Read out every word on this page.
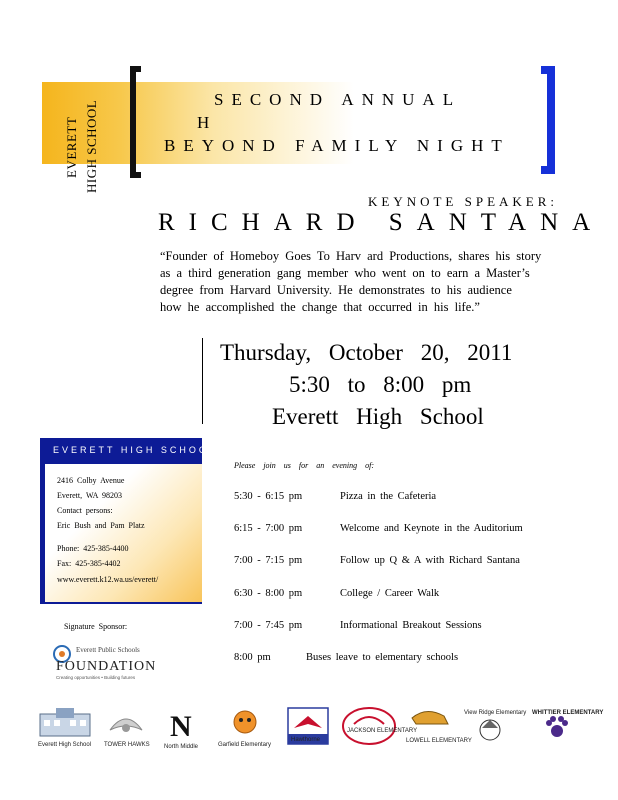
EVERETT HIGH SCHOOL
SECOND ANNUAL
H
BEYOND FAMILY NIGHT
KEYNOTE SPEAKER:
RICHARD SANTANA
“Founder of Homeboy Goes To Harv ard Productions, shares his story
as a third generation gang member who went on to earn a Master’s
degree from Harvard University. He demonstrates to his audience
how he accomplished the change that occurred in his life.”
Thursday, October 20, 2011
5:30 to 8:00 pm
Everett High School
EVERETT HIGH SCHOOL
2416 Colby Avenue
Everett, WA 98203
Contact persons:
Eric Bush and Pam Platz
Phone: 425-385-4400
Fax: 425-385-4402
www.everett.k12.wa.us/everett/
Please join us for an evening of:
5:30 - 6:15 pm	Pizza in the Cafeteria
6:15 - 7:00 pm	Welcome and Keynote in the Auditorium
7:00 - 7:15 pm	Follow up Q & A with Richard Santana
6:30 - 8:00 pm	College / Career Walk
7:00 - 7:45 pm	Informational Breakout Sessions
8:00 pm	Buses leave to elementary schools
Signature Sponsor:
Everett Public Schools
FOUNDATION
Creating opportunities • Building futures
Everett High School TOWER HAWKS
N
North Middle	Garfield Elementary
Hawthorne
JACKSON ELEMENTARY
LOWELL ELEMENTARY
View Ridge Elementary WHITTIER ELEMENTARY
